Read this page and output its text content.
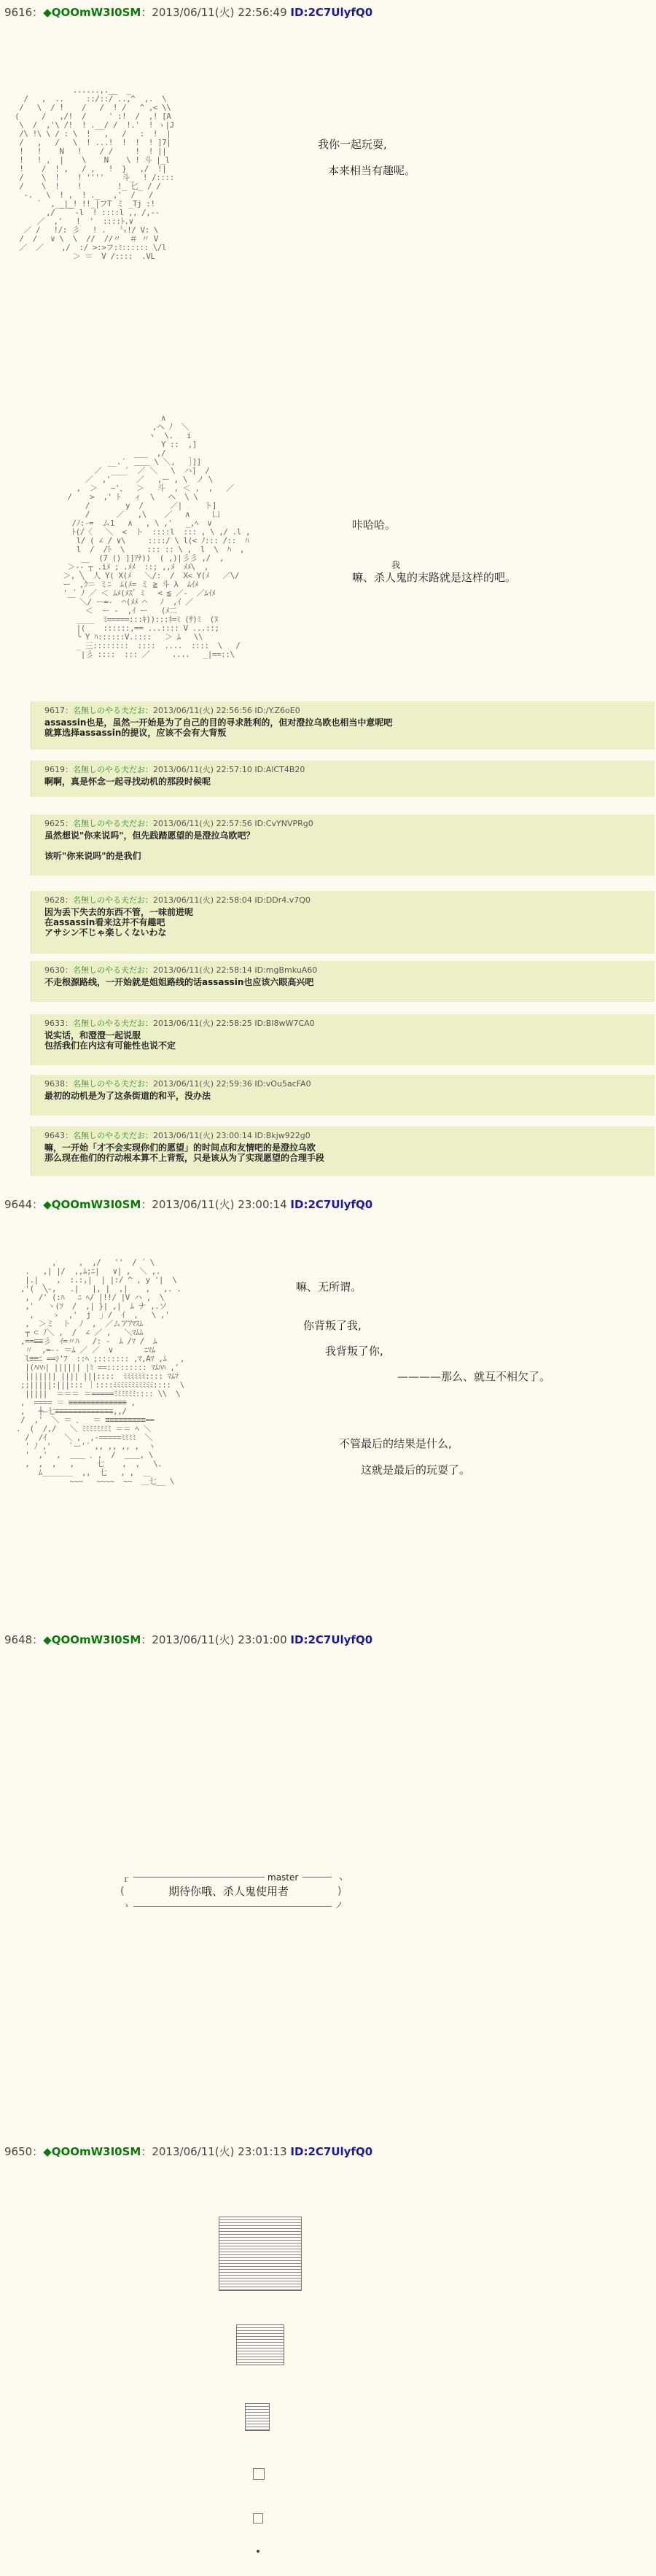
9616：◆QOOmW3I0SM：2013/06/11(火) 22:56:49 ID:2C7UlyfQ0
......,.__  _
/   ,  ..     ::/::/ ..,^  ,.  \
/   \  / !    /   /  ! /   ^ ,< \\
(     /   ,/!  /     ' :!  /  ,! [A
\  /  ,'\ /!  ! .__/ /  !.'  ! ゝ|J
/\ !\ \ / : \  !   ,   /   :  !  |
/   ,   /   \  ! ...!  !  !  ! ]7|
!   !    N   !    / /     !  ! ||
!   ! ,  |    \    N    \ ! 斗 |_l
!    /  ! ,   / ,   !  }   ,/  !|
/    \  !    ! ''''    斗_  ! /::::
/    \  !    !        !_ 匕_ / /
-.   \  ! ,  ! ._   ,'  /   /
`  ,__|_! !!_|フT ミ _Tj :!
,/ ￣￣-l  ! ::::l ,, /,--
／  ,'   !  '  ::::ﾄ.∨
／ /   !/: 彡   ! .   ㍉!/ V: \
/  /   ∨ \  \  //  //〃  ＃ 〃 V
／  ／    ,/  :/ >:>フ:ﾐ:::::: \/l
＞ ＝  V /::::  .VL
我你一起玩耍,
本来相当有趣呢。
∧
,ヘ ﾉ  ＼
ヽ  \.   i
Y ::  ,]
___  ,/
__.´  ＿＿ \ ＼,   ］]]
／  __ ´  ／ ＼   \  ハ]  /
／  ,'  ￣  ／   ,ー , \  ノ \
,  ＞   ~'、  ＞   斗  , ＜ ,  ,   ／
/    >  ,' ﾄ   ィ  \   ヘ  \ \
/        y  /      ／|     ト]
/      ／   ,\    ／   ∧     凵
/ﾉ:-=  ム1   ∧   , \ ,'   _,ﾍ  ∨
ﾄ(/〈   ＼  <  ト  ::::l  ::: , \ ,/ .l ,
l/ ( ∠ / ∨\     ::::/ \ l(< ﾉ::: /::  ﾊ
l  /  /ﾄ  \     ::: :: \ ,  l  \  ﾊ  ,
__  (7 () ]]ｱﾅ))  ( ,)|彡彡 ,/  ,
＞-- ┬ .iﾒ ; .ﾒﾒ  ::; ,,ﾒ  ﾒﾒ\  ,
＞, ╲  人 Y( X(ﾒ   ＼/:  /  X< Y(ﾒ   ／\/
ー  ,ｸ＝ ミﾆ  ﾑ(ﾒ= ミ ≧ 斗 λ  ﾑｲﾒ
' ´ ﾉ ／ ＜ ﾑﾒ(ﾒｽﾞ ﾐ   < ≦ ／-  ／ﾑｲﾒ
￣ ＼/ ー=‐  ⌒(ﾒﾒ ⌒   ﾉ  ,ｲ ／
＜  ー -  ,ｲ ー   (ﾒ二
____  ﾐ=====:::ｷ)):::ﾈ=ﾐ (ｻ)ﾐ  (ﾇ
|(    ::::::,== ...:::: V ...::;
╰ Y ﾊ::::::V.::::   ＞ ﾑ   \\
_ 三::::::::  ::::  ....  ::::  \   /
|彡 ::::  ::: ／     ....   _|==::\
咔哈哈。
我
嘛、杀人鬼的末路就是这样的吧。
9617：名無しのやる夫だお：2013/06/11(火) 22:56:56 ID:/Y.Z6oE0
assassin也是，虽然一开始是为了自己的目的寻求胜利的，但对澄拉乌欧也相当中意呢吧
就算选择assassin的提议，应该不会有大背叛
9619：名無しのやる夫だお：2013/06/11(火) 22:57:10 ID:AlCT4B20
啊啊，真是怀念一起寻找动机的那段时候呢
9625：名無しのやる夫だお：2013/06/11(火) 22:57:56 ID:CvYNVPRg0
虽然想说"你来说吗"，但先践踏愿望的是澄拉乌欧吧？

该听"你来说吗"的是我们
9628：名無しのやる夫だお：2013/06/11(火) 22:58:04 ID:DDr4.v7Q0
因为丢下失去的东西不管，一味前进呢
在assassin看来这并不有趣吧
アサシン不じゃ楽しくないわな
9630：名無しのやる夫だお：2013/06/11(火) 22:58:14 ID:mgBmkuA60
不走根源路线，一开始就是姐姐路线的话assassin也应该六眼高兴吧
9633：名無しのやる夫だお：2013/06/11(火) 22:58:25 ID:BI8wW7CA0
说实话，和澄澄一起说服
包括我们在内这有可能性也说不定
9638：名無しのやる夫だお：2013/06/11(火) 22:59:36 ID:vOu5acFA0
最初的动机是为了这条街道的和平，没办法
9643：名無しのやる夫だお：2013/06/11(火) 23:00:14 ID:Bkjw922g0
嘛，一开始「才不会实现你们的愿望」的时间点和友情吧的是澄拉乌欧
那么现在他们的行动根本算不上背叛，只是该从为了实现愿望的合理手段
9644：◆QOOmW3I0SM：2013/06/11(火) 23:00:14 ID:2C7UlyfQ0
,     ,  ,/   ''  / ´ \
.   ,| |/  ,,ﾑ;ﾆ|   ∨| ,  ＼ ,.
|.|    ,  :.:,|  | |:/ ^ , y '|  \
,'(  ╲-,   .|   |, |  ,|    ,   ,. .
,  /' (:ﾊ   ﾆ ﾍ/ |!!/ |V ハ ,  \
,'   ヽ(ﾂ  /  ,| }| ,|  ﾑ ナ ,.ソ
,    ゝ  ,'  j  ｣ /  ｲ  ,   \ ,'
,  ＞ミ  ト  ﾉ  ,  ／ムアｱﾏｽﾑ
┬ ⊂ ﾉ＼ ,  /  ∠ ／ ,   ＼ﾏﾑﾑ
,==≡≡彡  ｲ=〃ﾊ   /: -  ﾑ /ﾏ /  ﾑ
〃  ,=-- ＝ﾑ ／ ／  ∨       ﾆﾏﾑ
l≡≡ﾆ ==ｼ'ﾌ  ::ﾍ ;::::::: ,ﾏ,Aﾏ ,ﾑ   ,
|(ﾊﾊﾊ| |||||| |ﾐ ==::::::::: ﾏﾑﾊﾊ ,'
||||||| |||| |||::::  ﾐﾐﾐﾐﾐﾐ:::: ﾏﾑﾏ
;;|||||:|||::: ｜::::ﾐﾐﾐﾐﾐﾐﾐﾐﾐﾐﾐ::::  \
|||||  ＝＝＝ ＝=====ﾐﾐﾐﾐﾐﾐ:::: \\  \
,  ==== ＝ ≡≡≡≡≡≡≡≡≡≡≡≡≡ ,
,   ┼―七≡≡≡≡≡≡≡≡≡≡≡≡≡,,/
/  ,'  ＼ ＝ ､   ＝ ≡≡≡≡≡≡≡≡≡==
.  (  /,/   ＼ ﾐﾐﾐﾐﾐﾐﾐﾐ ＝＝ ﾍ ＼
/  /ｲ    ＼ ,  ,-=====ﾐﾐﾐﾐ  ＼
' ﾉ ,'    `ー'´ ,, ,, ,, ,  ヽ
'  ,'  ,  ＿＿ ､ ,  /  ＿＿, \
,  ,  ,   ,     七    ,  ,   \.
ﾑ＿＿＿＿  ,,  七   , ,  ＿
~~~   ~~~~  ~~  ＿七__ \
嘛、无所谓。
你背叛了我,
我背叛了你,
————那么、就互不相欠了。
不管最后的结果是什么,
这就是最后的玩耍了。
9648：◆QOOmW3I0SM：2013/06/11(火) 23:01:00 ID:2C7UlyfQ0
ｒ	master	ヽ
(	期待你哦、杀人鬼使用者	)
ゝ	ノ
9650：◆QOOmW3I0SM：2013/06/11(火) 23:01:13 ID:2C7UlyfQ0
